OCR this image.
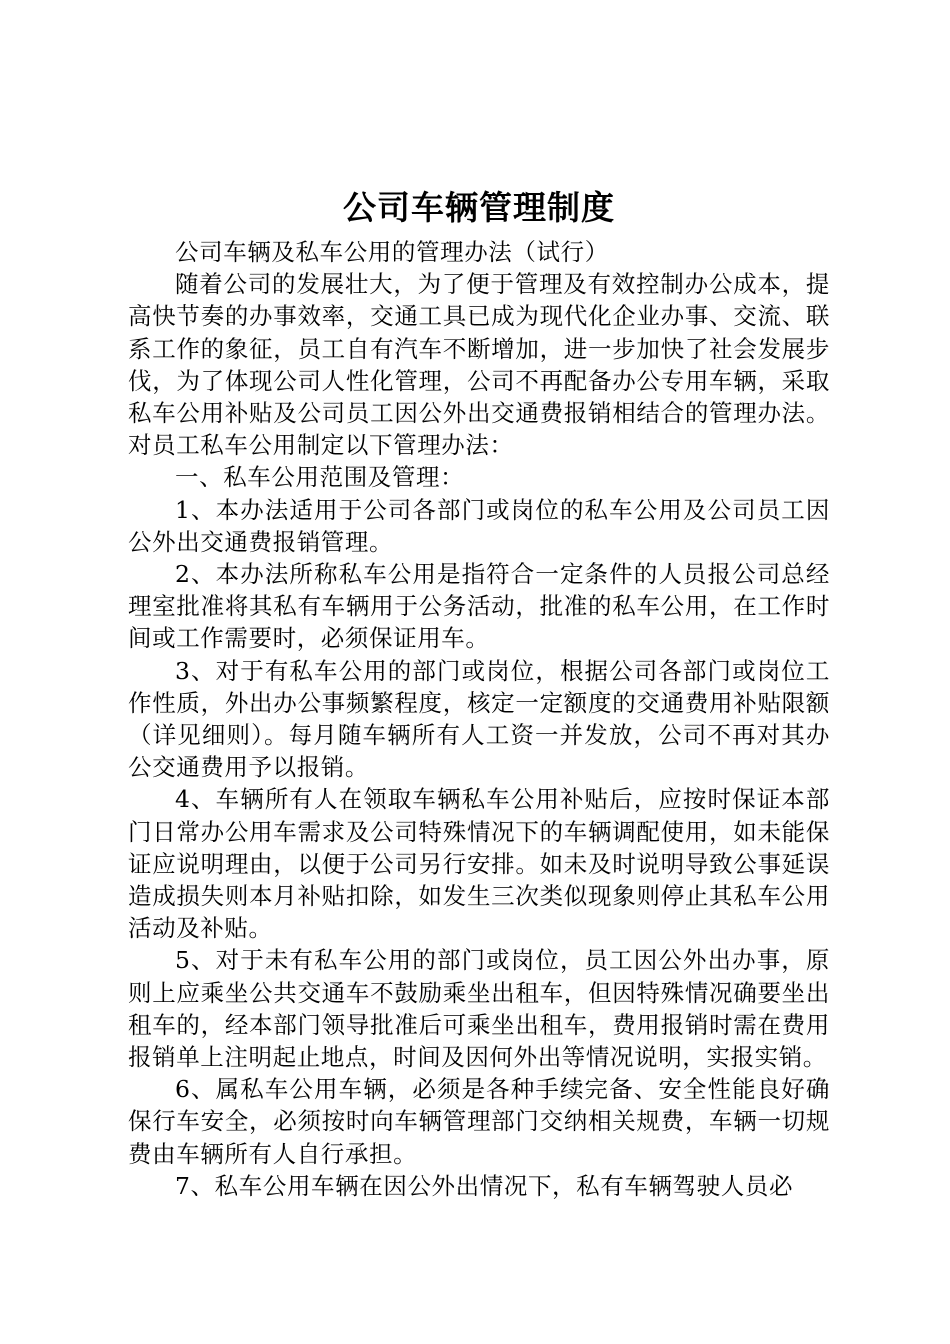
公司车辆管理制度

公司车辆及私车公用的管理办法（试行）

随着公司的发展壮大，为了便于管理及有效控制办公成本，提高快节奏的办事效率，交通工具已成为现代化企业办事、交流、联系工作的象征，员工自有汽车不断增加，进一步加快了社会发展步伐，为了体现公司人性化管理，公司不再配备办公专用车辆，采取私车公用补贴及公司员工因公外出交通费报销相结合的管理办法。对员工私车公用制定以下管理办法：

一、私车公用范围及管理：

1、本办法适用于公司各部门或岗位的私车公用及公司员工因公外出交通费报销管理。

2、本办法所称私车公用是指符合一定条件的人员报公司总经理室批准将其私有车辆用于公务活动，批准的私车公用，在工作时间或工作需要时，必须保证用车。

3、对于有私车公用的部门或岗位，根据公司各部门或岗位工作性质，外出办公事频繁程度，核定一定额度的交通费用补贴限额（详见细则）。每月随车辆所有人工资一并发放，公司不再对其办公交通费用予以报销。

4、车辆所有人在领取车辆私车公用补贴后，应按时保证本部门日常办公用车需求及公司特殊情况下的车辆调配使用，如未能保证应说明理由，以便于公司另行安排。如未及时说明导致公事延误造成损失则本月补贴扣除，如发生三次类似现象则停止其私车公用活动及补贴。

5、对于未有私车公用的部门或岗位，员工因公外出办事，原则上应乘坐公共交通车不鼓励乘坐出租车，但因特殊情况确要坐出租车的，经本部门领导批准后可乘坐出租车，费用报销时需在费用报销单上注明起止地点，时间及因何外出等情况说明，实报实销。

6、属私车公用车辆，必须是各种手续完备、安全性能良好确保行车安全，必须按时向车辆管理部门交纳相关规费，车辆一切规费由车辆所有人自行承担。

7、私车公用车辆在因公外出情况下，私有车辆驾驶人员必
